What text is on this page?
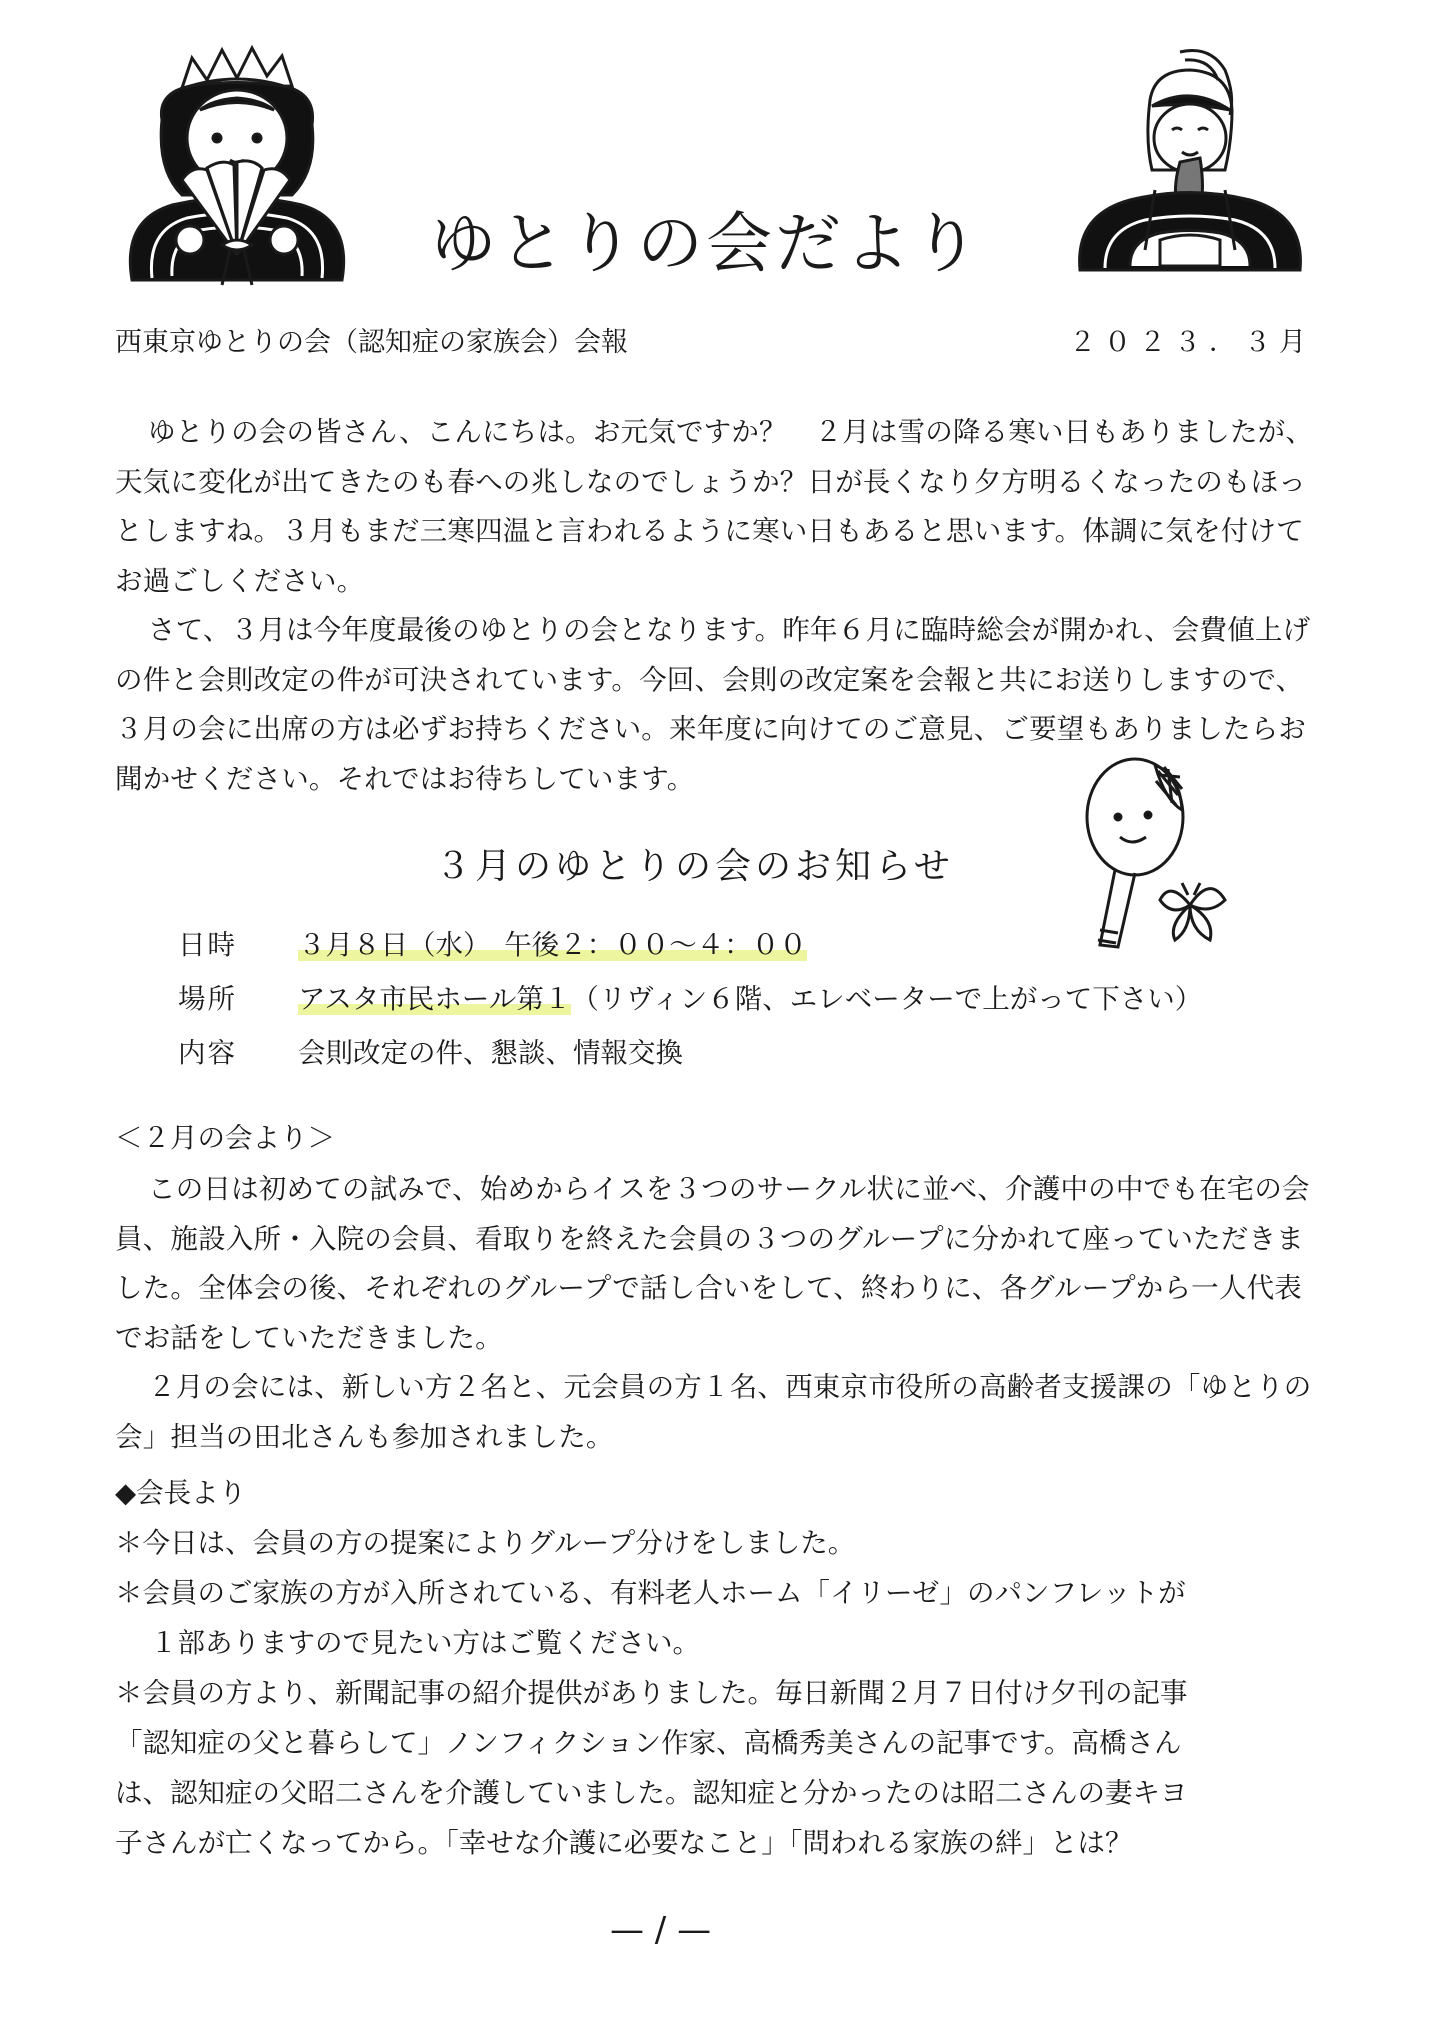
ゆとりの会だより
西東京ゆとりの会（認知症の家族会）会報	２０２３．３月

ゆとりの会の皆さん、こんにちは。お元気ですか？　２月は雪の降る寒い日もありましたが、天気に変化が出てきたのも春への兆しなのでしょうか？日が長くなり夕方明るくなったのもほっとしますね。３月もまだ三寒四温と言われるように寒い日もあると思います。体調に気を付けてお過ごしください。

さて、３月は今年度最後のゆとりの会となります。昨年６月に臨時総会が開かれ、会費値上げの件と会則改定の件が可決されています。今回、会則の改定案を会報と共にお送りしますので、３月の会に出席の方は必ずお持ちください。来年度に向けてのご意見、ご要望もありましたらお聞かせください。それではお待ちしています。

３月のゆとりの会のお知らせ
日時 ３月８日（水）　午後２：００～４：００
場所 アスタ市民ホール第１（リヴィン６階、エレベーターで上がって下さい）
内容 会則改定の件、懇談、情報交換
＜２月の会より＞

この日は初めての試みで、始めからイスを３つのサークル状に並べ、介護中の中でも在宅の会員、施設入所・入院の会員、看取りを終えた会員の３つのグループに分かれて座っていただきました。全体会の後、それぞれのグループで話し合いをして、終わりに、各グループから一人代表でお話をしていただきました。

２月の会には、新しい方２名と、元会員の方１名、西東京市役所の高齢者支援課の「ゆとりの会」担当の田北さんも参加されました。

◆会長より
＊今日は、会員の方の提案によりグループ分けをしました。
＊会員のご家族の方が入所されている、有料老人ホーム「イリーゼ」のパンフレットが
１部ありますので見たい方はご覧ください。
＊会員の方より、新聞記事の紹介提供がありました。毎日新聞２月７日付け夕刊の記事
「認知症の父と暮らして」ノンフィクション作家、高橋秀美さんの記事です。高橋さん
は、認知症の父昭二さんを介護していました。認知症と分かったのは昭二さんの妻キヨ
子さんが亡くなってから。「幸せな介護に必要なこと」「問われる家族の絆」とは？
— / —
